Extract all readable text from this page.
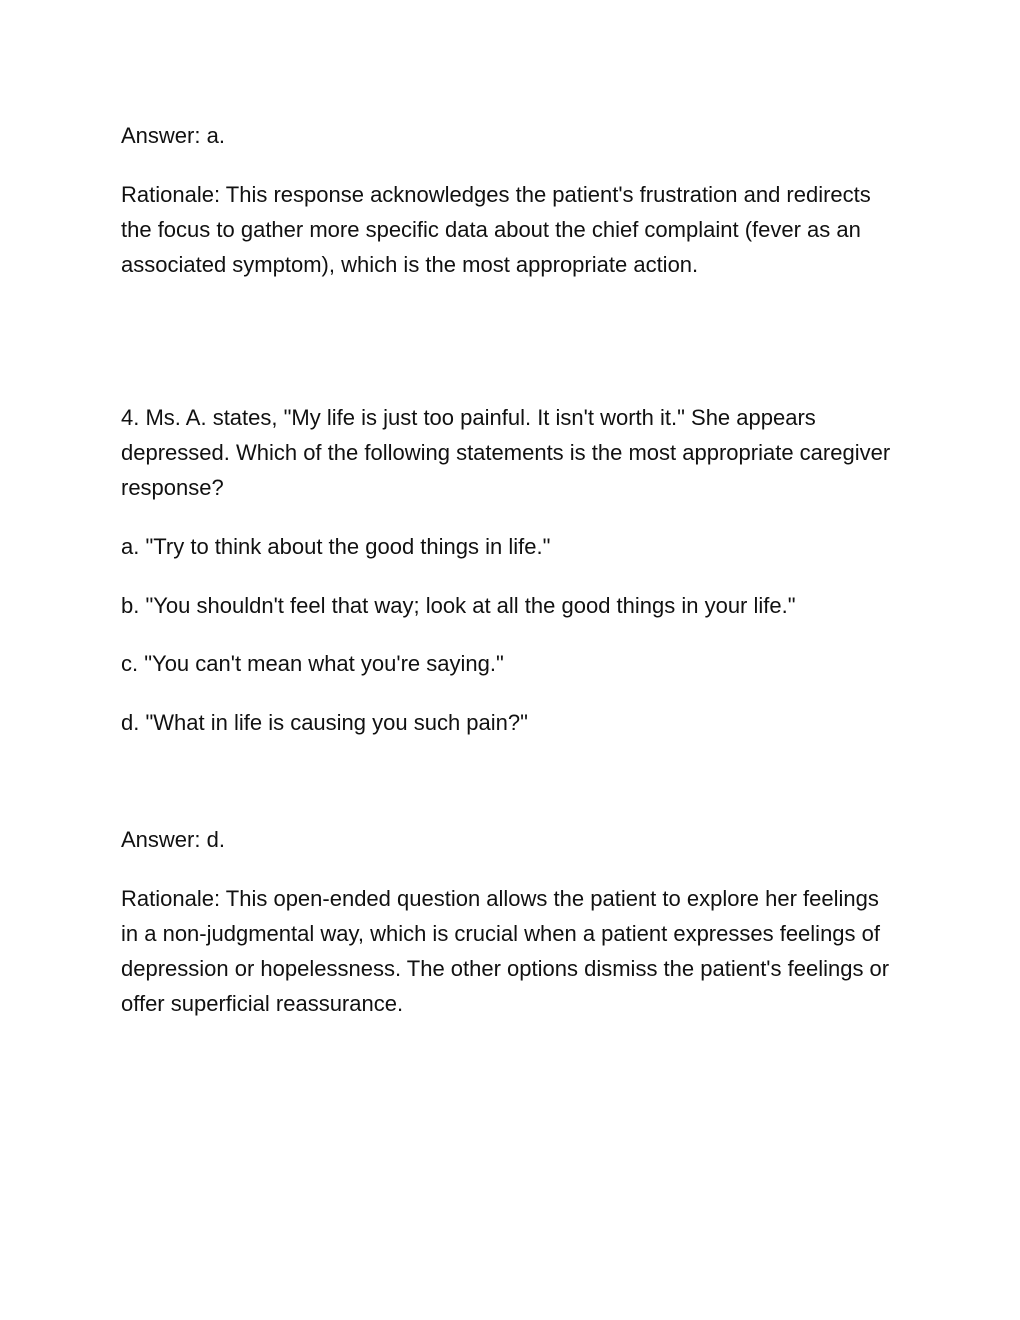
Answer: a.

Rationale: This response acknowledges the patient's frustration and redirects the focus to gather more specific data about the chief complaint (fever as an associated symptom), which is the most appropriate action.

4. Ms. A. states, "My life is just too painful. It isn't worth it." She appears depressed. Which of the following statements is the most appropriate caregiver response?

a. "Try to think about the good things in life."

b. "You shouldn't feel that way; look at all the good things in your life."

c. "You can't mean what you're saying."

d. "What in life is causing you such pain?"

Answer: d.

Rationale: This open-ended question allows the patient to explore her feelings in a non-judgmental way, which is crucial when a patient expresses feelings of depression or hopelessness. The other options dismiss the patient's feelings or offer superficial reassurance.
